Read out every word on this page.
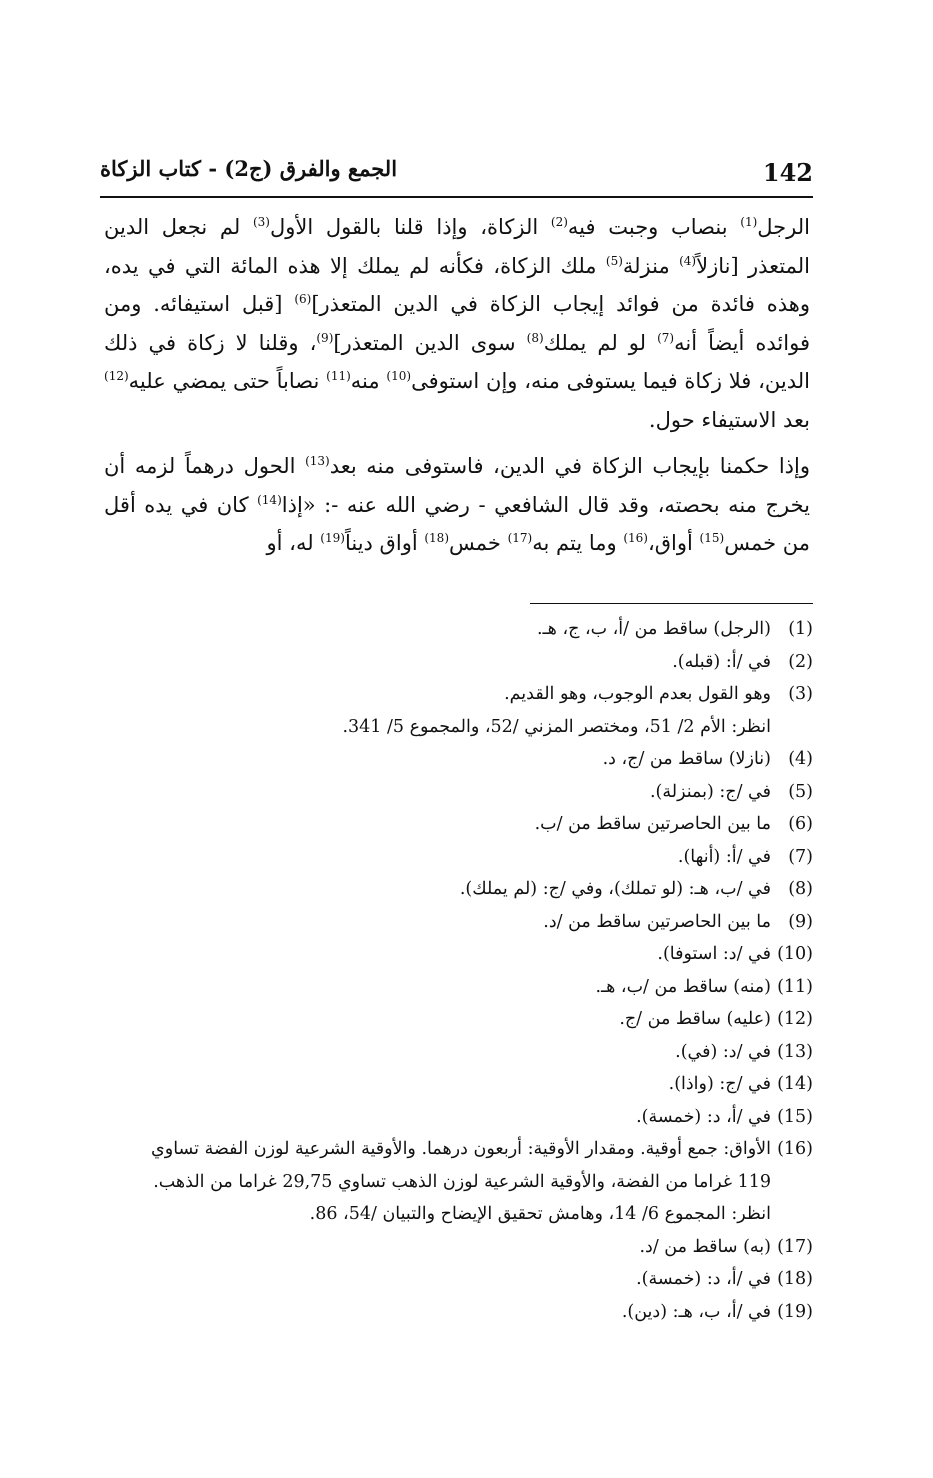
142
الجمع والفرق (ج2) - كتاب الزكاة

الرجل$^{(1)}$ بنصاب وجبت فيه$^{(2)}$ الزكاة، وإذا قلنا بالقول الأول$^{(3)}$ لم نجعل الدين المتعذر [نازلاً$^{(4)}$ منزلة$^{(5)}$ ملك الزكاة، فكأنه لم يملك إلا هذه المائة التي في يده، وهذه فائدة من فوائد إيجاب الزكاة في الدين المتعذر]$^{(6)}$ [قبل استيفائه. ومن فوائده أيضاً أنه$^{(7)}$ لو لم يملك$^{(8)}$ سوى الدين المتعذر]$^{(9)}$، وقلنا لا زكاة في ذلك الدين، فلا زكاة فيما يستوفى منه، وإن استوفى$^{(10)}$ منه$^{(11)}$ نصاباً حتى يمضي عليه$^{(12)}$ بعد الاستيفاء حول.

وإذا حكمنا بإيجاب الزكاة في الدين، فاستوفى منه بعد$^{(13)}$ الحول درهماً لزمه أن يخرج منه بحصته، وقد قال الشافعي - رضي الله عنه -: «إذا$^{(14)}$ كان في يده أقل من خمس$^{(15)}$ أواق،$^{(16)}$ وما يتم به$^{(17)}$ خمس$^{(18)}$ أواق ديناً$^{(19)}$ له، أو

(1)
(الرجل) ساقط من /أ، ب، ج، هـ.
(2)
في /أ: (قبله).
(3)
وهو القول بعدم الوجوب، وهو القديم.
انظر: الأم 2/ 51، ومختصر المزني /52، والمجموع 5/ 341.
(4)
(نازلا) ساقط من /ج، د.
(5)
في /ج: (بمنزلة).
(6)
ما بين الحاصرتين ساقط من /ب.
(7)
في /أ: (أنها).
(8)
في /ب، هـ: (لو تملك)، وفي /ج: (لم يملك).
(9)
ما بين الحاصرتين ساقط من /د.
(10)
في /د: استوفا).
(11)
(منه) ساقط من /ب، هـ.
(12)
(عليه) ساقط من /ج.
(13)
في /د: (في).
(14)
في /ج: (واذا).
(15)
في /أ، د: (خمسة).
(16)
الأواق: جمع أوقية. ومقدار الأوقية: أربعون درهما. والأوقية الشرعية لوزن الفضة تساوي
119 غراما من الفضة، والأوقية الشرعية لوزن الذهب تساوي 29,75 غراما من الذهب.
انظر: المجموع 6/ 14، وهامش تحقيق الإيضاح والتبيان /54، 86.
(17)
(به) ساقط من /د.
(18)
في /أ، د: (خمسة).
(19)
في /أ، ب، هـ: (دين).
